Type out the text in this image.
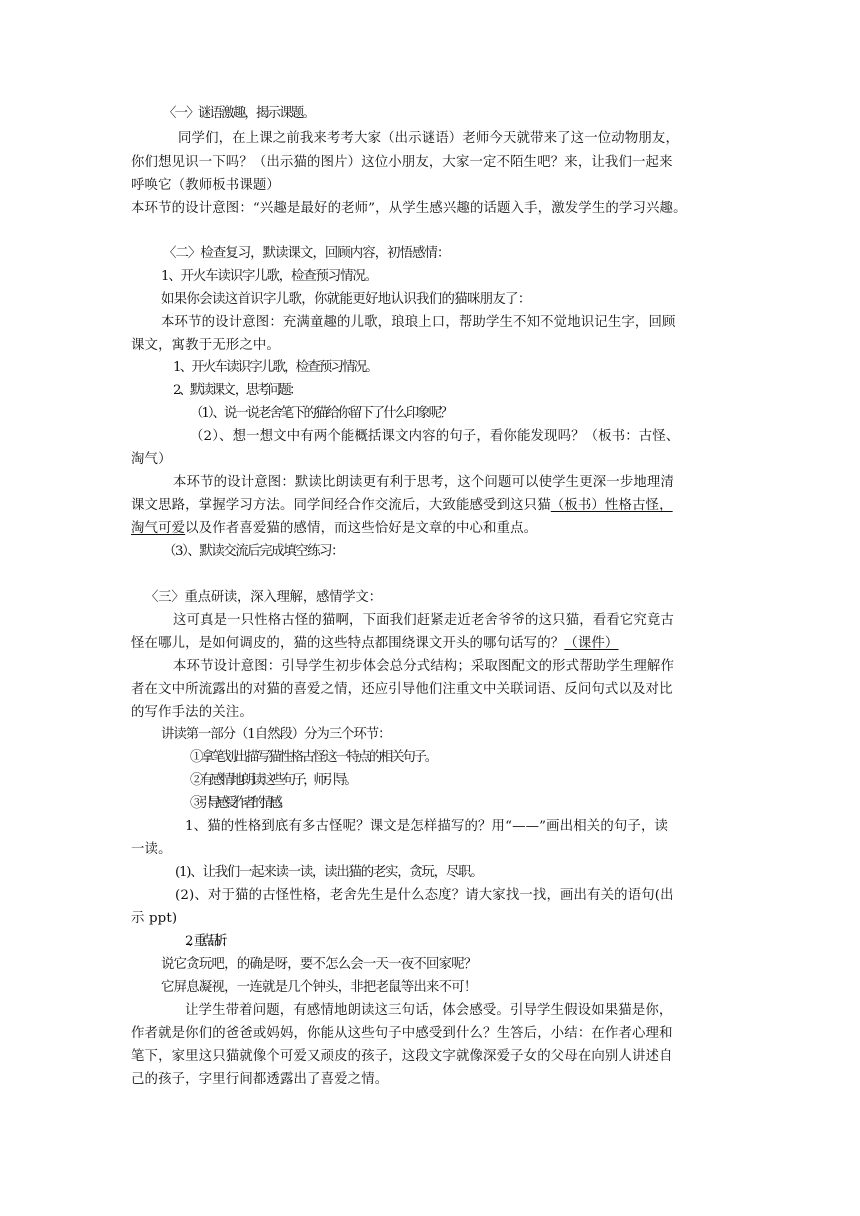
〈一〉谜语激趣，揭示课题。
同学们，在上课之前我来考考大家（出示谜语）老师今天就带来了这一位动物朋友，
你们想见识一下吗？（出示猫的图片）这位小朋友，大家一定不陌生吧？来，让我们一起来
呼唤它（教师板书课题）
本环节的设计意图：“兴趣是最好的老师”，从学生感兴趣的话题入手，激发学生的学习兴趣。
〈二〉检查复习，默读课文，回顾内容，初悟感情：
1、开火车读识字儿歌，检查预习情况。
如果你会读这首识字儿歌，你就能更好地认识我们的猫咪朋友了：
本环节的设计意图：充满童趣的儿歌，琅琅上口，帮助学生不知不觉地识记生字，回顾
课文，寓教于无形之中。
1、开火车读识字儿歌，检查预习情况。
2、默读课文 ，思考问题：
（1）、说一说老舍笔下的猫给你留下了什么印象呢？
（2）、想一想文中有两个能概括课文内容的句子，看你能发现吗？（板书：古怪、
淘气）
本环节的设计意图：默读比朗读更有利于思考，这个问题可以使学生更深一步地理清
课文思路，掌握学习方法。同学间经合作交流后，大致能感受到这只猫（板书）性格古怪，
淘气可爱以及作者喜爱猫的感情，而这些恰好是文章的中心和重点。
（3）、默读交流后完成填空练习：
〈三〉重点研读，深入理解，感情学文：
这可真是一只性格古怪的猫啊，下面我们赶紧走近老舍爷爷的这只猫，看看它究竟古
怪在哪儿，是如何调皮的，猫的这些特点都围绕课文开头的哪句话写的？（课件）
本环节设计意图：引导学生初步体会总分式结构；采取图配文的形式帮助学生理解作
者在文中所流露出的对猫的喜爱之情，还应引导他们注重文中关联词语、反问句式以及对比
的写作手法的关注。
讲读第一部分（1自然段）分为三个环节：
①拿笔划出描写猫性格古怪这一特点的相关句子。
②有感情地朗读这些句子，师引导。
③引导感受作者的情感。
1、猫的性格到底有多古怪呢？课文是怎样描写的？用“——”画出相关的句子，读
一读。
(1)、让我们一起来读一读，读出猫的老实，贪玩，尽职。
(2)、对于猫的古怪性格，老舍先生是什么态度？请大家找一找，画出有关的语句(出
示 ppt)
2、重点品析：
说它贪玩吧，的确是呀，要不怎么会一天一夜不回家呢？
它屏息凝视，一连就是几个钟头，非把老鼠等出来不可！
让学生带着问题，有感情地朗读这三句话，体会感受。引导学生假设如果猫是你，
作者就是你们的爸爸或妈妈，你能从这些句子中感受到什么？生答后，小结：在作者心理和
笔下，家里这只猫就像个可爱又顽皮的孩子，这段文字就像深爱子女的父母在向别人讲述自
己的孩子，字里行间都透露出了喜爱之情。
